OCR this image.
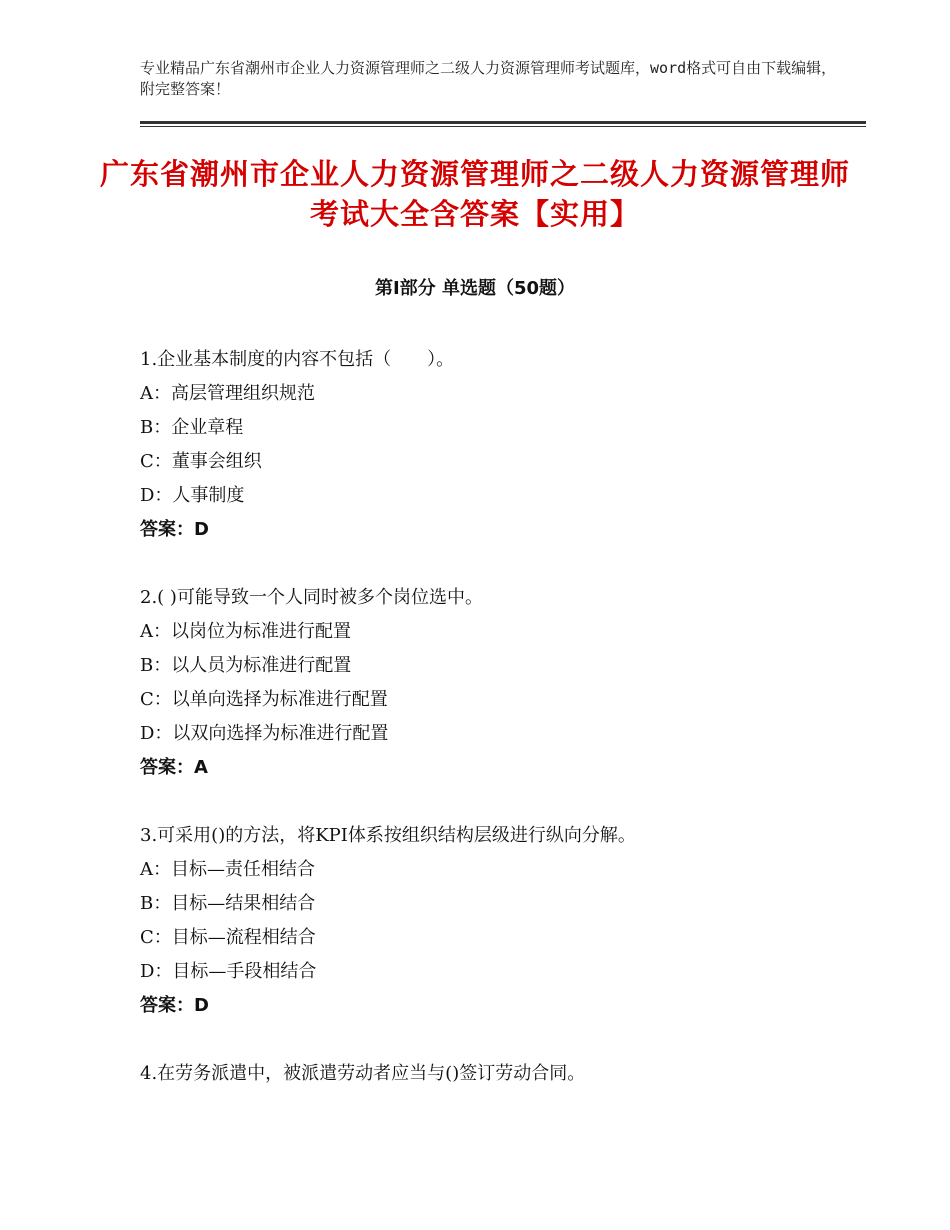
专业精品广东省潮州市企业人力资源管理师之二级人力资源管理师考试题库，word格式可自由下载编辑，附完整答案！
广东省潮州市企业人力资源管理师之二级人力资源管理师考试大全含答案【实用】
第Ⅰ部分 单选题（50题）
1.企业基本制度的内容不包括（　　）。
A：高层管理组织规范
B：企业章程
C：董事会组织
D：人事制度
答案：D
2.( )可能导致一个人同时被多个岗位选中。
A：以岗位为标准进行配置
B：以人员为标准进行配置
C：以单向选择为标准进行配置
D：以双向选择为标准进行配置
答案：A
3.可采用()的方法，将KPI体系按组织结构层级进行纵向分解。
A：目标—责任相结合
B：目标—结果相结合
C：目标—流程相结合
D：目标—手段相结合
答案：D
4.在劳务派遣中，被派遣劳动者应当与()签订劳动合同。
